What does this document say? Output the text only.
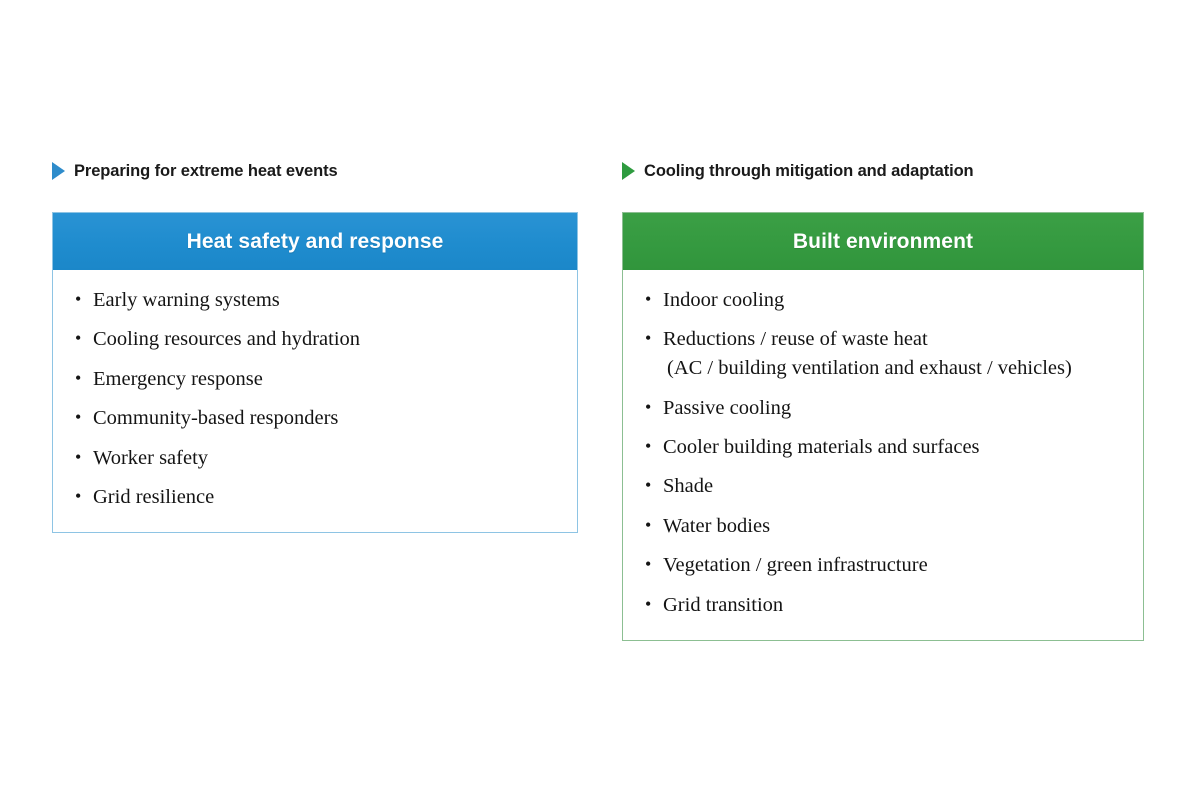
Preparing for extreme heat events
Heat safety and response
• Early warning systems
• Cooling resources and hydration
• Emergency response
• Community-based responders
• Worker safety
• Grid resilience
Cooling through mitigation and adaptation
Built environment
• Indoor cooling
• Reductions / reuse of waste heat
(AC / building ventilation and exhaust / vehicles)
• Passive cooling
• Cooler building materials and surfaces
• Shade
• Water bodies
• Vegetation / green infrastructure
• Grid transition
